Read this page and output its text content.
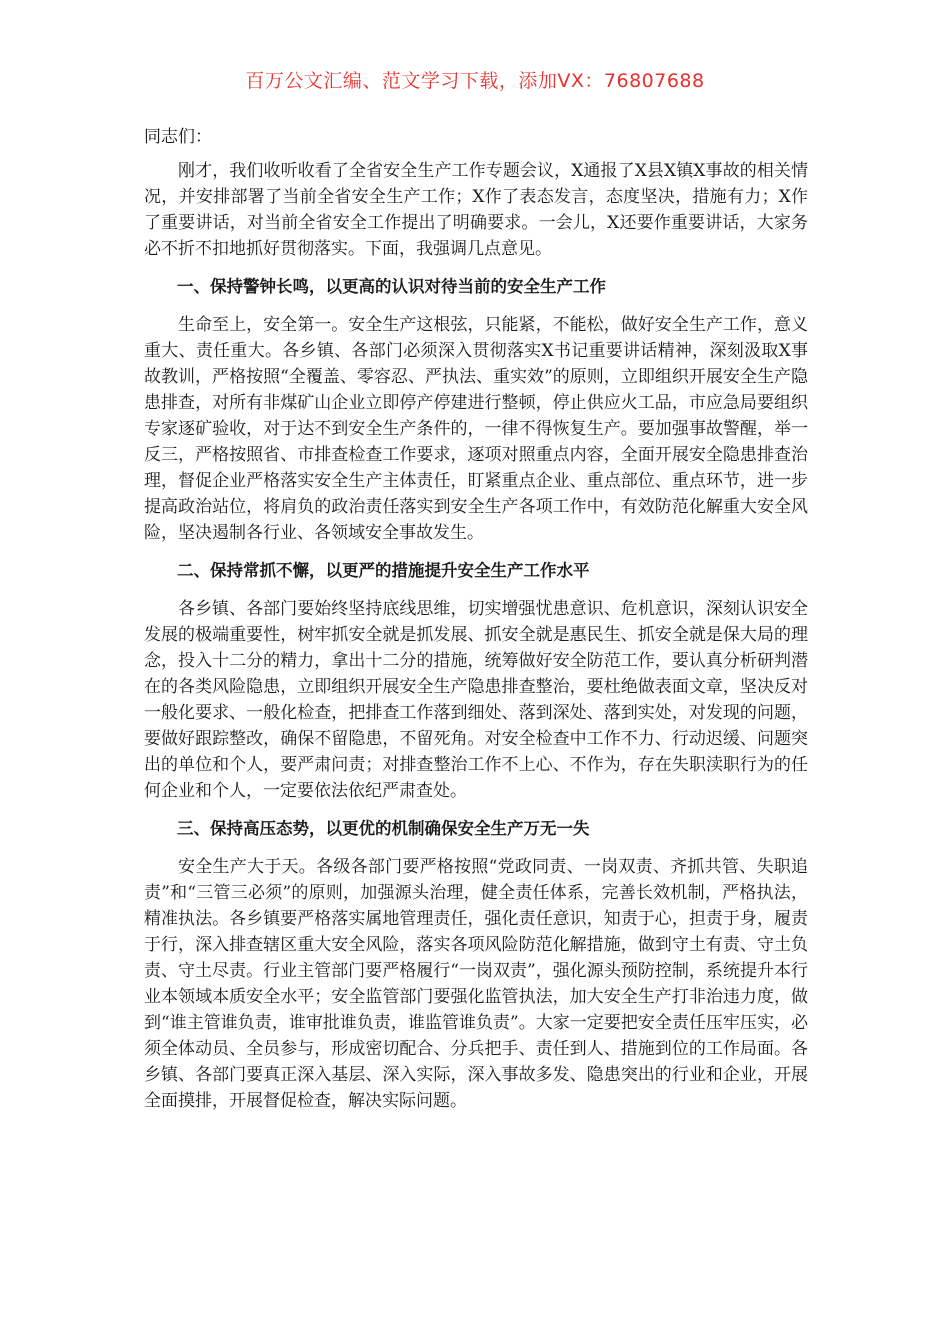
百万公文汇编、范文学习下载，添加VX：76807688

同志们：

刚才，我们收听收看了全省安全生产工作专题会议，X通报了X县X镇X事故的相关情况，并安排部署了当前全省安全生产工作；X作了表态发言，态度坚决，措施有力；X作了重要讲话，对当前全省安全工作提出了明确要求。一会儿，X还要作重要讲话，大家务必不折不扣地抓好贯彻落实。下面，我强调几点意见。

一、保持警钟长鸣，以更高的认识对待当前的安全生产工作

生命至上，安全第一。安全生产这根弦，只能紧，不能松，做好安全生产工作，意义重大、责任重大。各乡镇、各部门必须深入贯彻落实X书记重要讲话精神，深刻汲取X事故教训，严格按照“全覆盖、零容忍、严执法、重实效”的原则，立即组织开展安全生产隐患排查，对所有非煤矿山企业立即停产停建进行整顿，停止供应火工品，市应急局要组织专家逐矿验收，对于达不到安全生产条件的，一律不得恢复生产。要加强事故警醒，举一反三，严格按照省、市排查检查工作要求，逐项对照重点内容，全面开展安全隐患排查治理，督促企业严格落实安全生产主体责任，盯紧重点企业、重点部位、重点环节，进一步提高政治站位，将肩负的政治责任落实到安全生产各项工作中，有效防范化解重大安全风险，坚决遏制各行业、各领域安全事故发生。

二、保持常抓不懈，以更严的措施提升安全生产工作水平

各乡镇、各部门要始终坚持底线思维，切实增强忧患意识、危机意识，深刻认识安全发展的极端重要性，树牢抓安全就是抓发展、抓安全就是惠民生、抓安全就是保大局的理念，投入十二分的精力，拿出十二分的措施，统筹做好安全防范工作，要认真分析研判潜在的各类风险隐患，立即组织开展安全生产隐患排查整治，要杜绝做表面文章，坚决反对一般化要求、一般化检查，把排查工作落到细处、落到深处、落到实处，对发现的问题，要做好跟踪整改，确保不留隐患，不留死角。对安全检查中工作不力、行动迟缓、问题突出的单位和个人，要严肃问责；对排查整治工作不上心、不作为，存在失职渎职行为的任何企业和个人，一定要依法依纪严肃查处。

三、保持高压态势，以更优的机制确保安全生产万无一失

安全生产大于天。各级各部门要严格按照“党政同责、一岗双责、齐抓共管、失职追责”和“三管三必须”的原则，加强源头治理，健全责任体系，完善长效机制，严格执法，精准执法。各乡镇要严格落实属地管理责任，强化责任意识，知责于心，担责于身，履责于行，深入排查辖区重大安全风险，落实各项风险防范化解措施，做到守土有责、守土负责、守土尽责。行业主管部门要严格履行“一岗双责”，强化源头预防控制，系统提升本行业本领域本质安全水平；安全监管部门要强化监管执法，加大安全生产打非治违力度，做到“谁主管谁负责，谁审批谁负责，谁监管谁负责”。大家一定要把安全责任压牢压实，必须全体动员、全员参与，形成密切配合、分兵把手、责任到人、措施到位的工作局面。各乡镇、各部门要真正深入基层、深入实际，深入事故多发、隐患突出的行业和企业，开展全面摸排，开展督促检查，解决实际问题。
